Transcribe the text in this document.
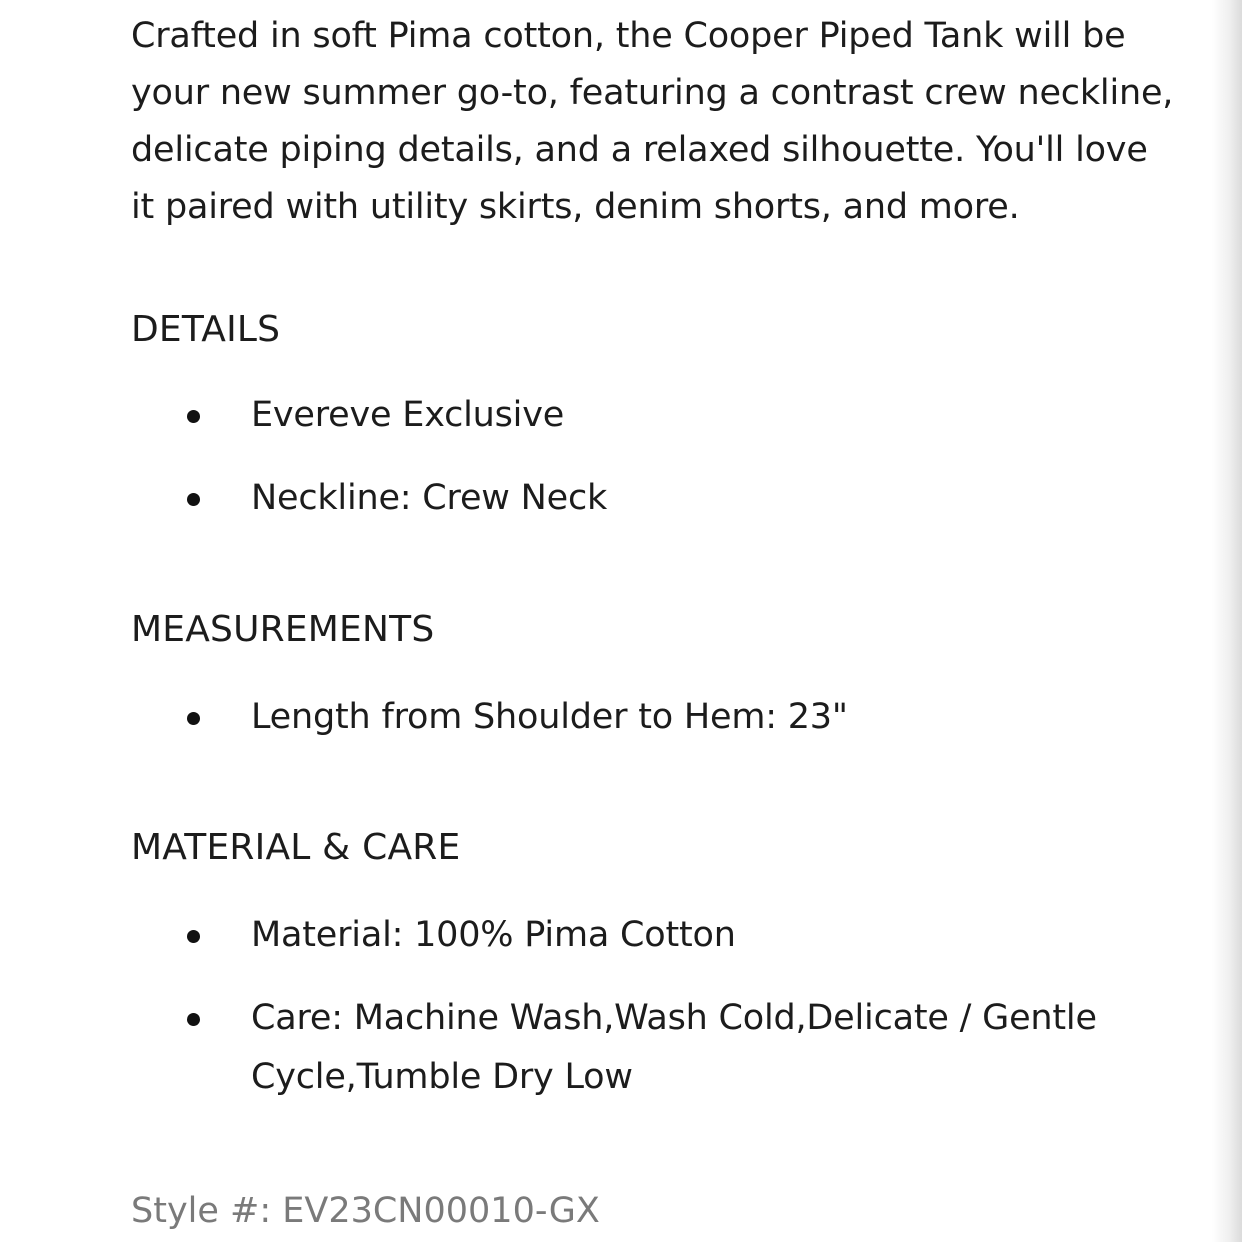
Crafted in soft Pima cotton, the Cooper Piped Tank will be your new summer go-to, featuring a contrast crew neckline, delicate piping details, and a relaxed silhouette. You'll love it paired with utility skirts, denim shorts, and more.

DETAILS
Evereve Exclusive
Neckline: Crew Neck
MEASUREMENTS
Length from Shoulder to Hem: 23"
MATERIAL & CARE
Material: 100% Pima Cotton
Care: Machine Wash,Wash Cold,Delicate / Gentle Cycle,Tumble Dry Low

Style #: EV23CN00010-GX
